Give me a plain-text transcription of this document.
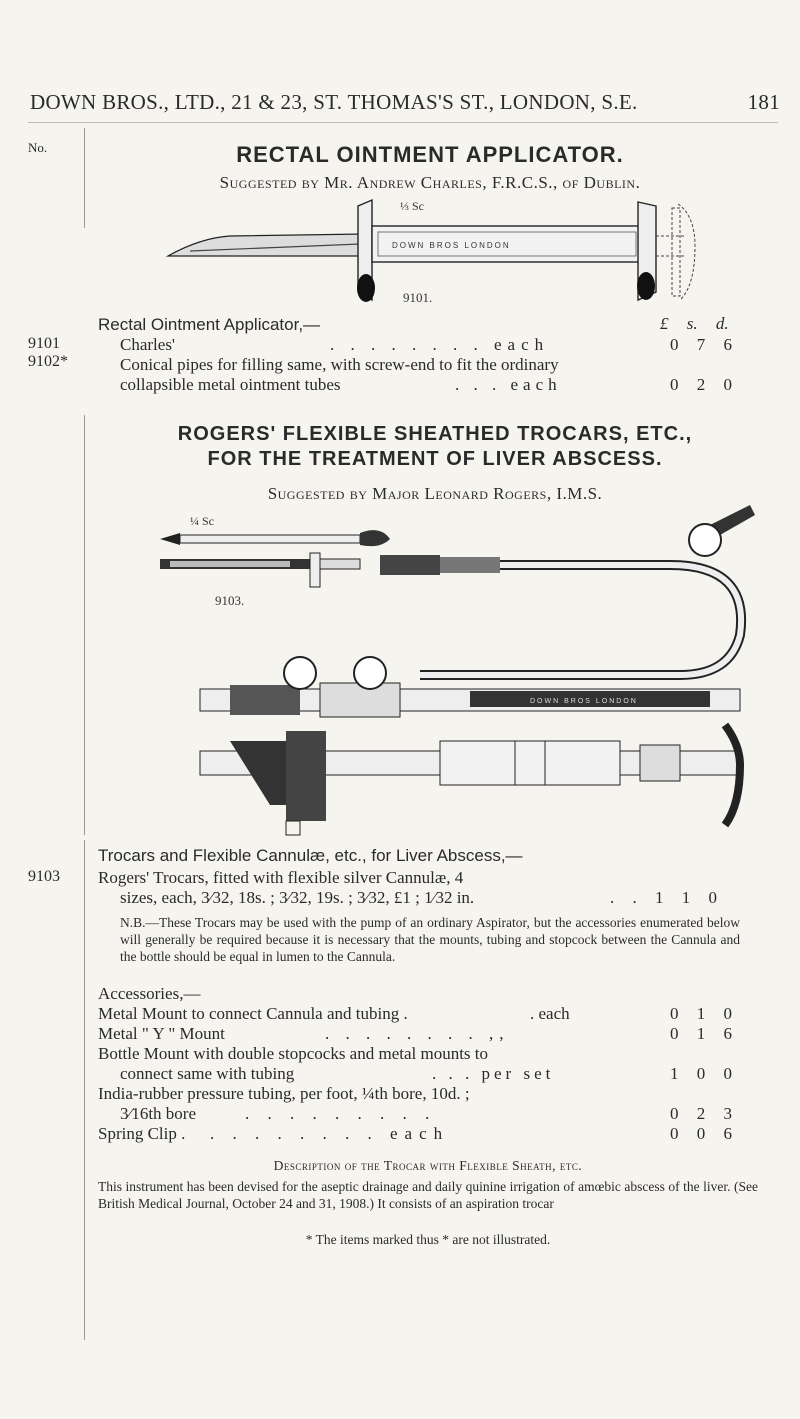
DOWN BROS., LTD., 21 & 23, ST. THOMAS'S ST., LONDON, S.E.	181
No.	RECTAL OINTMENT APPLICATOR.
Suggested by Mr. Andrew Charles, F.R.C.S., of Dublin.
⅓ Sc
DOWN BROS LONDON
9101.
Rectal Ointment Applicator,—	£ s. d.
9101	Charles'	. . . . . . . . each	0 7 6
9102*	Conical pipes for filling same, with screw-end to fit the ordinary
collapsible metal ointment tubes	. . . each	0 2 0
ROGERS' FLEXIBLE SHEATHED TROCARS, ETC.,
FOR THE TREATMENT OF LIVER ABSCESS.
Suggested by Major Leonard Rogers, I.M.S.
¼ Sc
9103.
DOWN BROS LONDON
Trocars and Flexible Cannulæ, etc., for Liver Abscess,—
9103 Rogers' Trocars, fitted with flexible silver Cannulæ, 4
sizes, each, 3⁄32, 18s. ; 3⁄32, 19s. ; 3⁄32, £1 ; 1⁄32 in.	. . 1 1 0
N.B.—These Trocars may be used with the pump of an ordinary Aspirator, but the accessories enumerated below will generally be required because it is necessary that the mounts, tubing and stopcock between the Cannula and the bottle should be equal in lumen to the Cannula.
Accessories,—
Metal Mount to connect Cannula and tubing .	. each	0 1 0
Metal " Y " Mount	. . . . . . . . ,,	0 1 6
Bottle Mount with double stopcocks and metal mounts to
connect same with tubing	. . . per set	1 0 0
India-rubber pressure tubing, per foot, ¼th bore, 10d. ;
3⁄16th bore	. . . . . . . . .	0 2 3
Spring Clip . . . . . . . . . each	0 0 6
Description of the Trocar with Flexible Sheath, etc.
This instrument has been devised for the aseptic drainage and daily quinine irrigation of amœbic abscess of the liver. (See British Medical Journal, October 24 and 31, 1908.) It consists of an aspiration trocar
* The items marked thus * are not illustrated.
